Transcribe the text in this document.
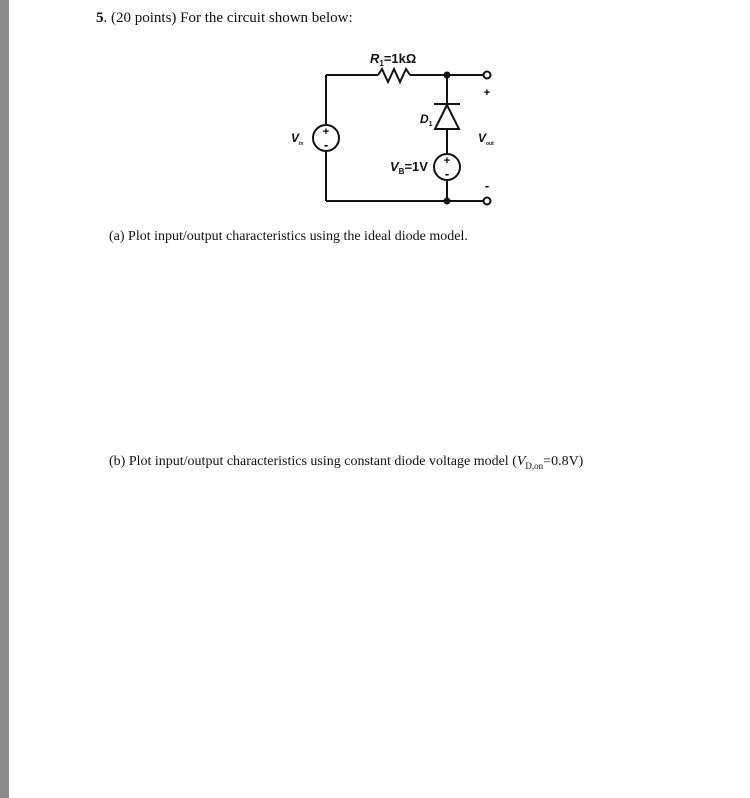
5. (20 points) For the circuit shown below:
+
-
+
-
+
-
$R_1=1k\Omega$
$D_1$
$V_{in}$
$V_B=1V$
$V_{out}$
(a) Plot input/output characteristics using the ideal diode model.
(b) Plot input/output characteristics using constant diode voltage model $(V_{D,on}=0.8V)$
